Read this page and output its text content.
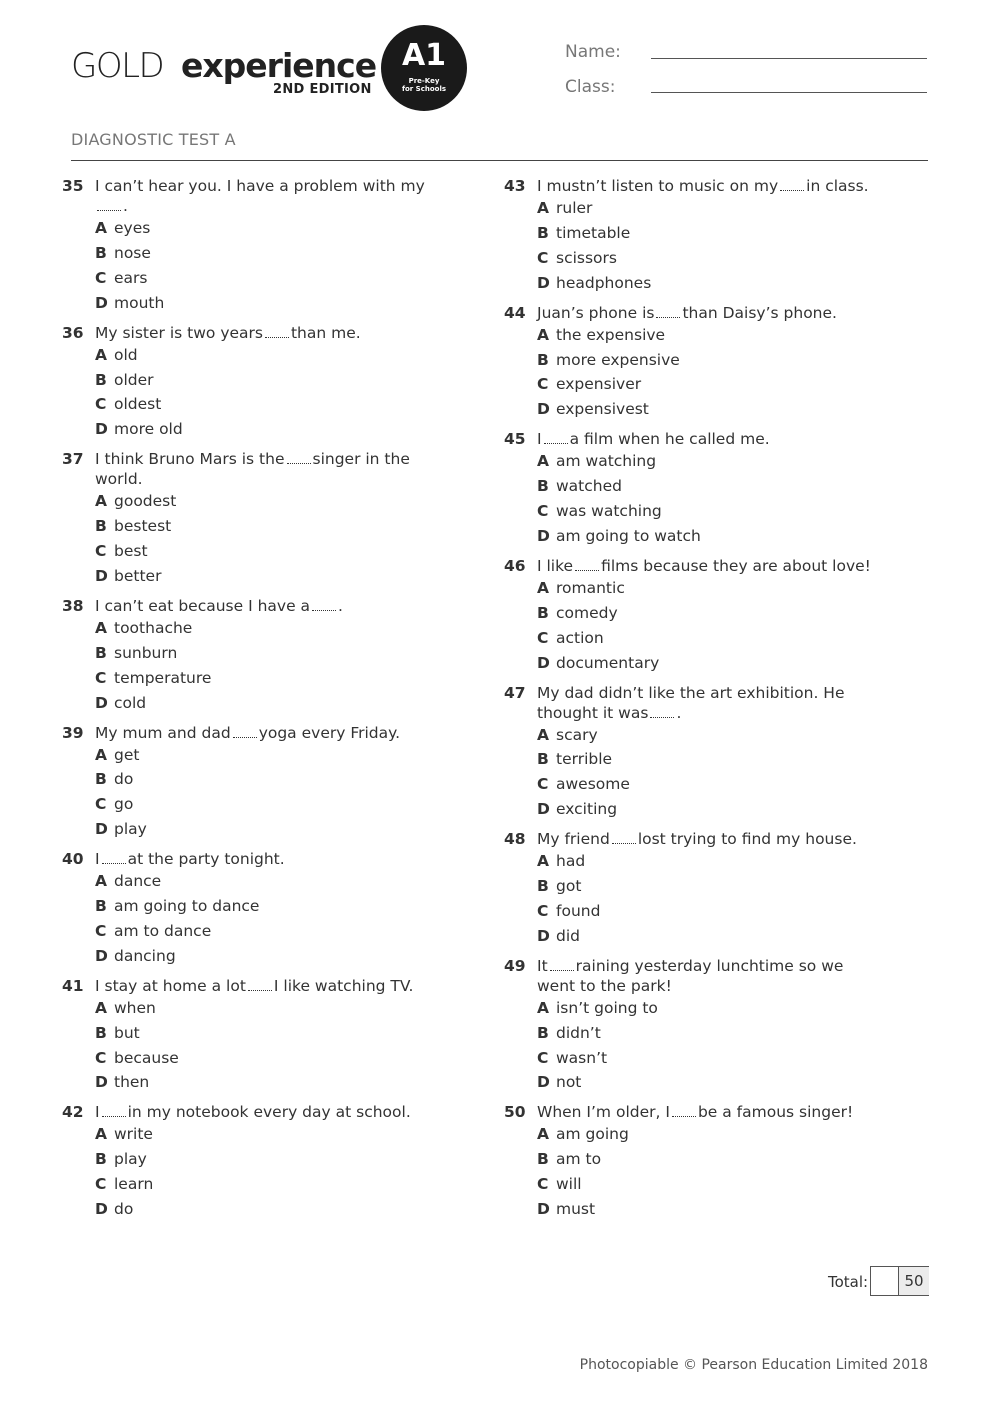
GOLD experience
2ND EDITION
A1
Pre-Key
for Schools
Name:
Class:
DIAGNOSTIC TEST A
35 I can’t hear you. I have a problem with my.
A eyes
B nose
C ears
D mouth
36 My sister is two years than me.
A old
B older
C oldest
D more old
37 I think Bruno Mars is the singer in the world.
A goodest
B bestest
C best
D better
38 I can’t eat because I have a .
A toothache
B sunburn
C temperature
D cold
39 My mum and dad yoga every Friday.
A get
B do
C go
D play
40 I at the party tonight.
A dance
B am going to dance
C am to dance
D dancing
41 I stay at home a lot I like watching TV.
A when
B but
C because
D then
42 I in my notebook every day at school.
A write
B play
C learn
D do
43 I mustn’t listen to music on my in class.
A ruler
B timetable
C scissors
D headphones
44 Juan’s phone is than Daisy’s phone.
A the expensive
B more expensive
C expensiver
D expensivest
45 I a film when he called me.
A am watching
B watched
C was watching
D am going to watch
46 I like films because they are about love!
A romantic
B comedy
C action
D documentary
47 My dad didn’t like the art exhibition. He thought it was .
A scary
B terrible
C awesome
D exciting
48 My friend lost trying to find my house.
A had
B got
C found
D did
49 It raining yesterday lunchtime so we went to the park!
A isn’t going to
B didn’t
C wasn’t
D not
50 When I’m older, I be a famous singer!
A am going
B am to
C will
D must
Total:	50
Photocopiable © Pearson Education Limited 2018
